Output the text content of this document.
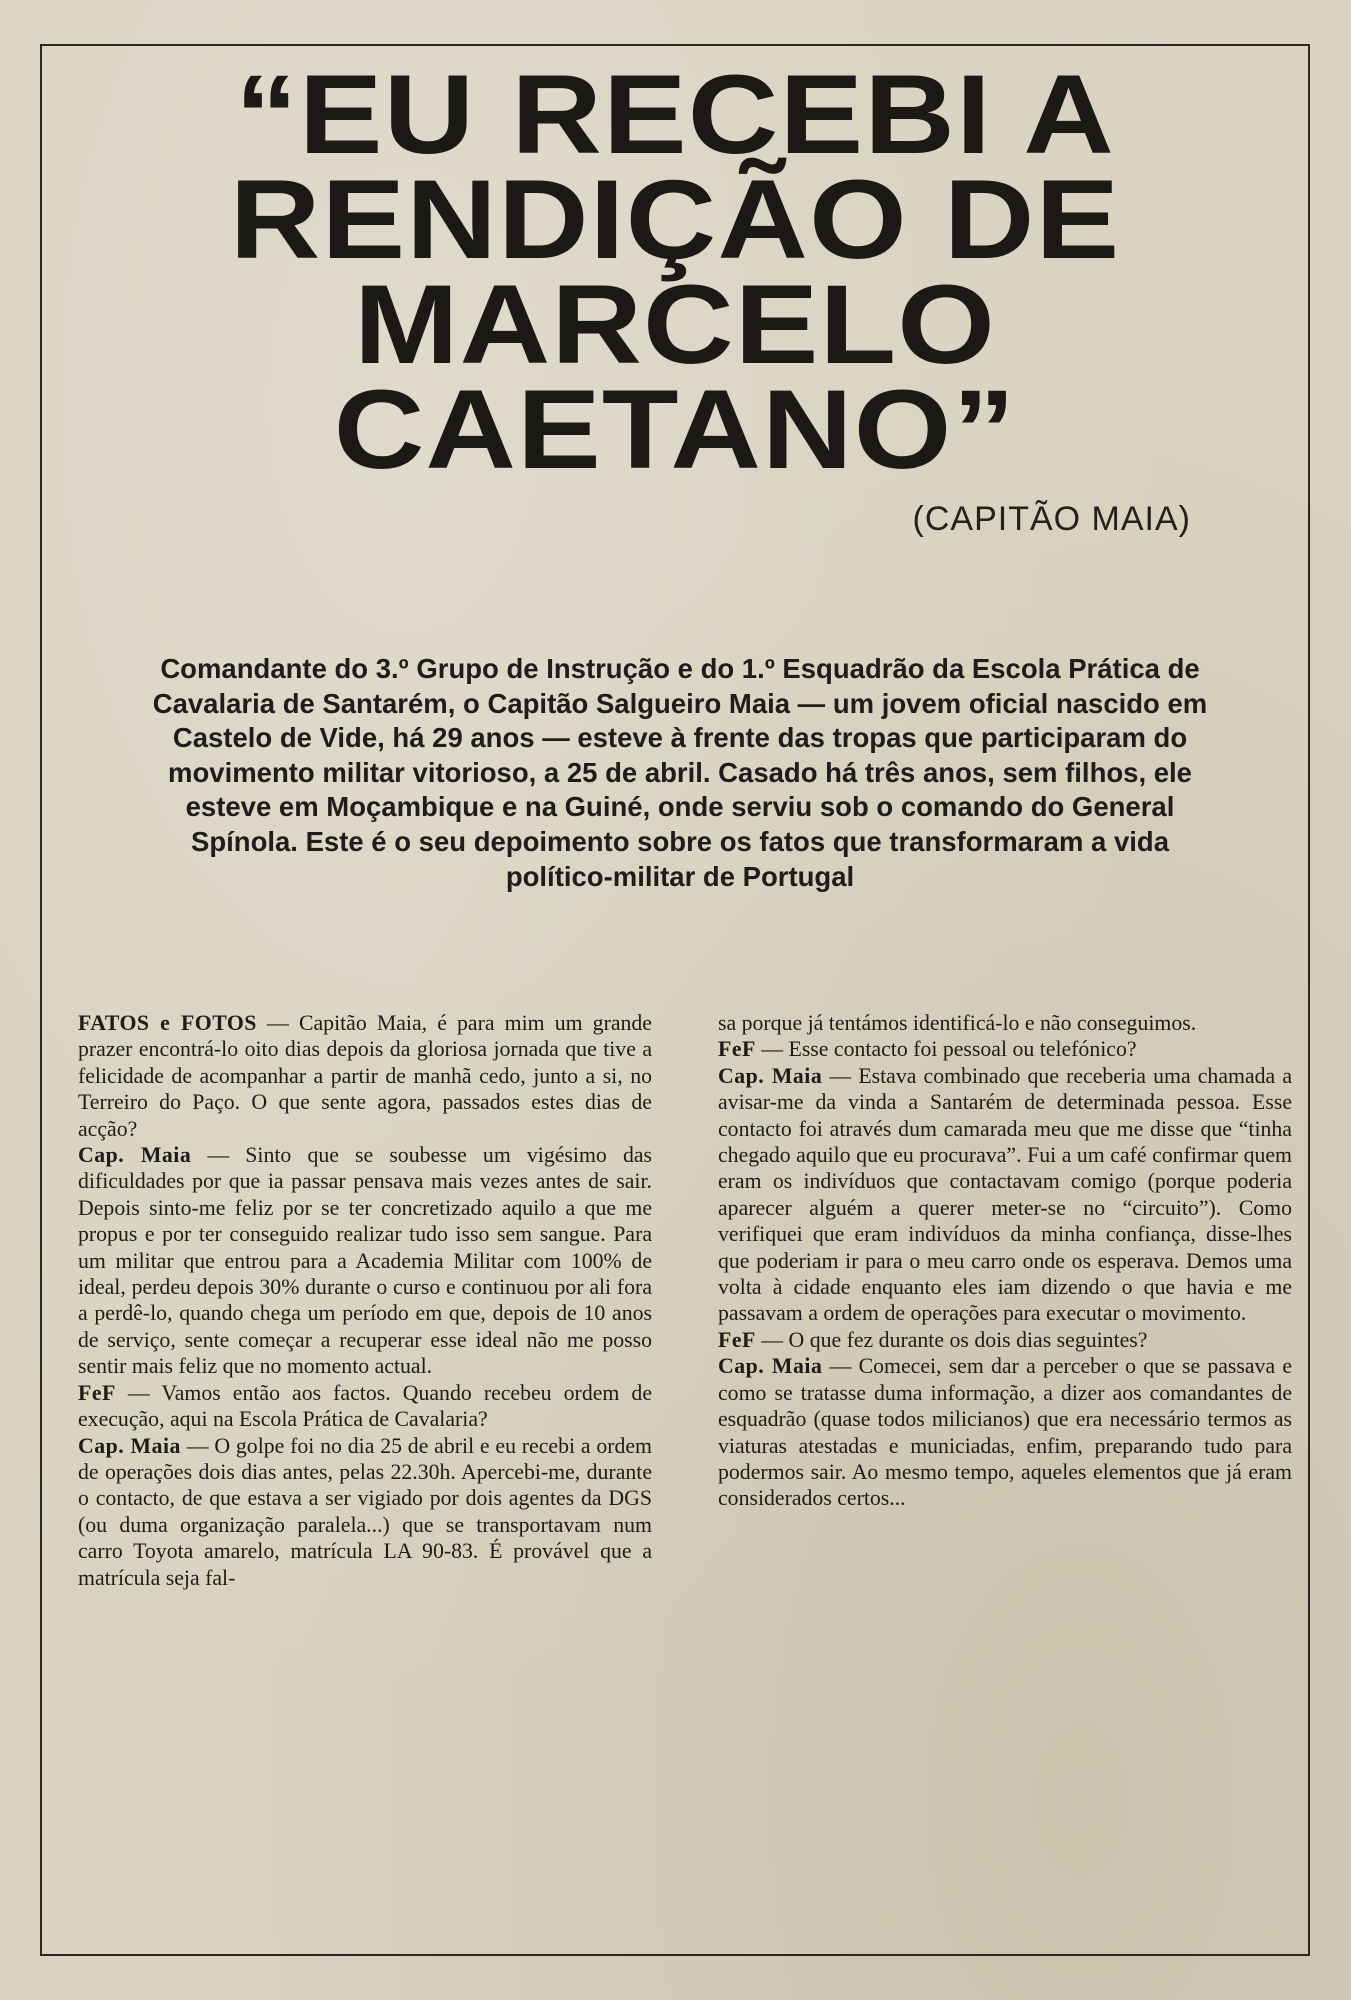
“EU RECEBI A
RENDIÇÃO DE
MARCELO
CAETANO”

(CAPITÃO MAIA)

Comandante do 3.º Grupo de Instrução e do 1.º Esquadrão da Escola Prática de Cavalaria de Santarém, o Capitão Salgueiro Maia — um jovem oficial nascido em Castelo de Vide, há 29 anos — esteve à frente das tropas que participaram do movimento militar vitorioso, a 25 de abril. Casado há três anos, sem filhos, ele esteve em Moçambique e na Guiné, onde serviu sob o comando do General Spínola. Este é o seu depoimento sobre os fatos que transformaram a vida político-militar de Portugal

FATOS e FOTOS — Capitão Maia, é para mim um grande prazer encontrá-lo oito dias depois da gloriosa jornada que tive a felicidade de acompanhar a partir de manhã cedo, junto a si, no Terreiro do Paço. O que sente agora, passados estes dias de acção?

Cap. Maia — Sinto que se soubesse um vigésimo das dificuldades por que ia passar pensava mais vezes antes de sair. Depois sinto-me feliz por se ter concretizado aquilo a que me propus e por ter conseguido realizar tudo isso sem sangue. Para um militar que entrou para a Academia Militar com 100% de ideal, perdeu depois 30% durante o curso e continuou por ali fora a perdê-lo, quando chega um período em que, depois de 10 anos de serviço, sente começar a recuperar esse ideal não me posso sentir mais feliz que no momento actual.

FeF — Vamos então aos factos. Quando recebeu ordem de execução, aqui na Escola Prática de Cavalaria?

Cap. Maia — O golpe foi no dia 25 de abril e eu recebi a ordem de operações dois dias antes, pelas 22.30h. Apercebi-me, durante o contacto, de que estava a ser vigiado por dois agentes da DGS (ou duma organização paralela...) que se transportavam num carro Toyota amarelo, matrícula LA 90-83. É provável que a matrícula seja fal-

sa porque já tentámos identificá-lo e não conseguimos.

FeF — Esse contacto foi pessoal ou telefónico?

Cap. Maia — Estava combinado que receberia uma chamada a avisar-me da vinda a Santarém de determinada pessoa. Esse contacto foi através dum camarada meu que me disse que “tinha chegado aquilo que eu procurava”. Fui a um café confirmar quem eram os indivíduos que contactavam comigo (porque poderia aparecer alguém a querer meter-se no “circuito”). Como verifiquei que eram indivíduos da minha confiança, disse-lhes que poderiam ir para o meu carro onde os esperava. Demos uma volta à cidade enquanto eles iam dizendo o que havia e me passavam a ordem de operações para executar o movimento.

FeF — O que fez durante os dois dias seguintes?

Cap. Maia — Comecei, sem dar a perceber o que se passava e como se tratasse duma informação, a dizer aos comandantes de esquadrão (quase todos milicianos) que era necessário termos as viaturas atestadas e municiadas, enfim, preparando tudo para podermos sair. Ao mesmo tempo, aqueles elementos que já eram considerados certos...
